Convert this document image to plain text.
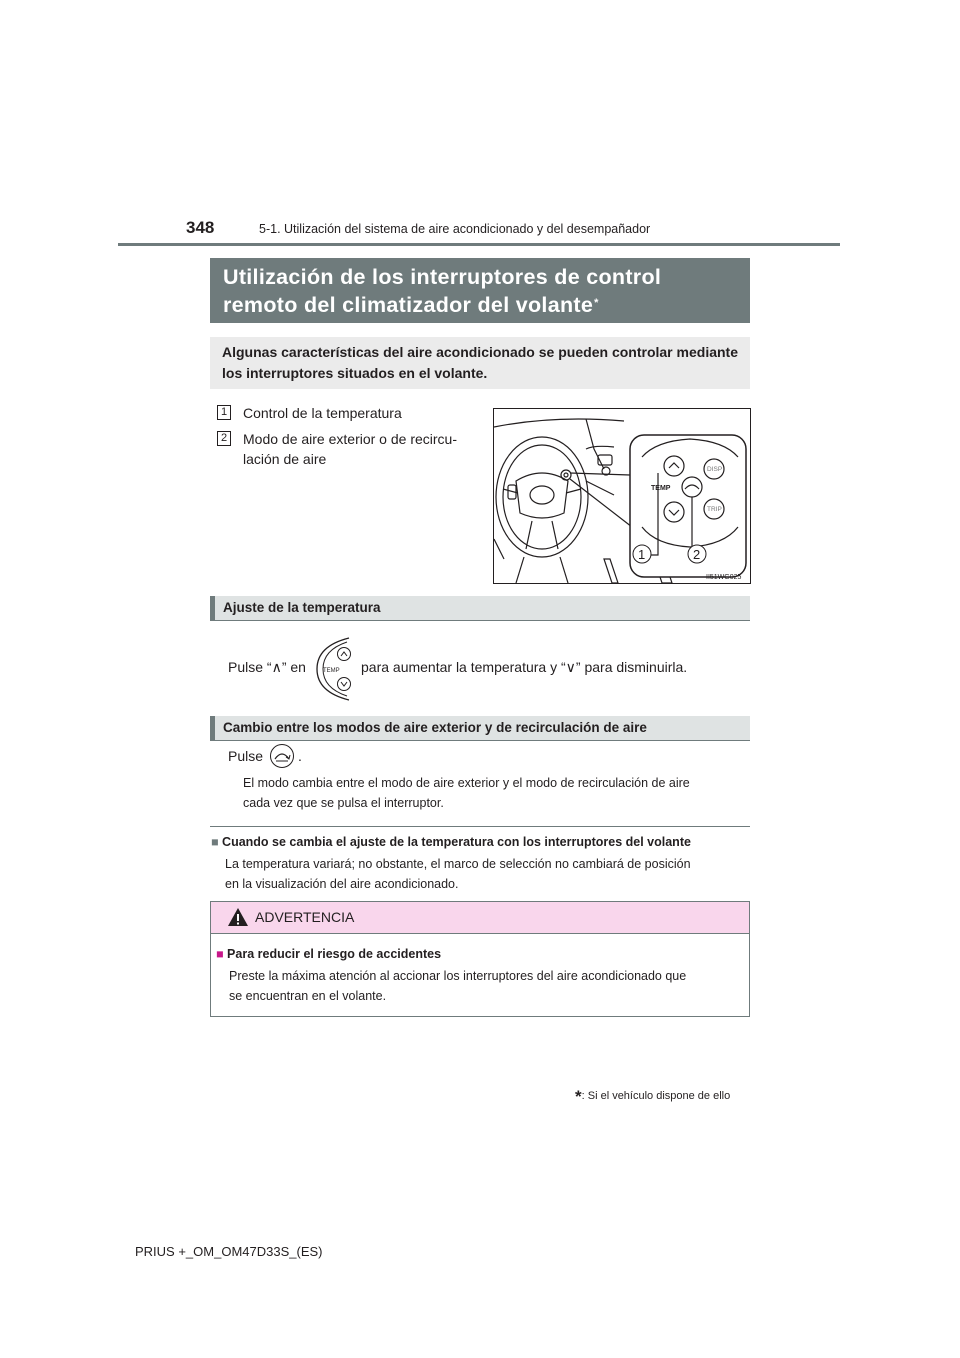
348	5-1. Utilización del sistema de aire acondicionado y del desempañador
Utilización de los interruptores de control
remoto del climatizador del volante*
Algunas características del aire acondicionado se pueden controlar mediante los interruptores situados en el volante.
1 Control de la temperatura
2 Modo de aire exterior o de recircu-
lación de aire
TEMP
DISP
TRIP
1	2
II51WG025
Ajuste de la temperatura
Pulse “∧” en	TEMP para aumentar la temperatura y “∨” para disminuirla.
Cambio entre los modos de aire exterior y de recirculación de aire
Pulse .
El modo cambia entre el modo de aire exterior y el modo de recirculación de aire
cada vez que se pulsa el interruptor.
■ Cuando se cambia el ajuste de la temperatura con los interruptores del volante
La temperatura variará; no obstante, el marco de selección no cambiará de posición
en la visualización del aire acondicionado.
ADVERTENCIA
■ Para reducir el riesgo de accidentes
Preste la máxima atención al accionar los interruptores del aire acondicionado que
se encuentran en el volante.
*: Si el vehículo dispone de ello
PRIUS +_OM_OM47D33S_(ES)
